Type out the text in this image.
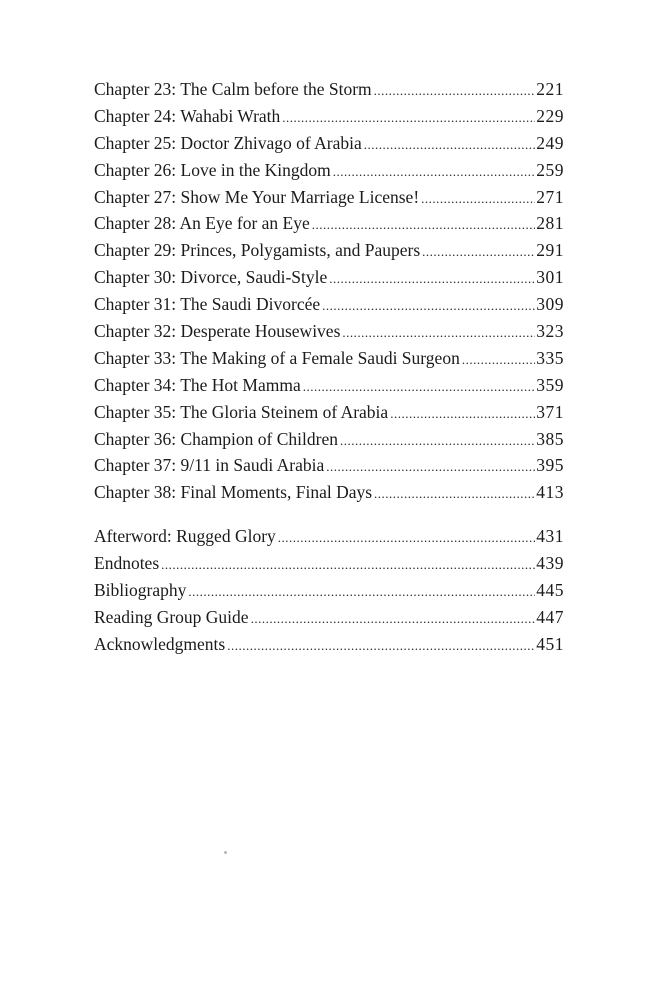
Chapter 23: The Calm before the Storm .....	221
Chapter 24: Wahabi Wrath .....	229
Chapter 25: Doctor Zhivago of Arabia .....	249
Chapter 26: Love in the Kingdom .....	259
Chapter 27: Show Me Your Marriage License! .....	271
Chapter 28: An Eye for an Eye .....	281
Chapter 29: Princes, Polygamists, and Paupers .....	291
Chapter 30: Divorce, Saudi-Style .....	301
Chapter 31: The Saudi Divorcée .....	309
Chapter 32: Desperate Housewives .....	323
Chapter 33: The Making of a Female Saudi Surgeon .....	335
Chapter 34: The Hot Mamma .....	359
Chapter 35: The Gloria Steinem of Arabia .....	371
Chapter 36: Champion of Children .....	385
Chapter 37: 9/11 in Saudi Arabia .....	395
Chapter 38: Final Moments, Final Days .....	413
Afterword: Rugged Glory .....	431
Endnotes .....	439
Bibliography .....	445
Reading Group Guide .....	447
Acknowledgments .....	451
